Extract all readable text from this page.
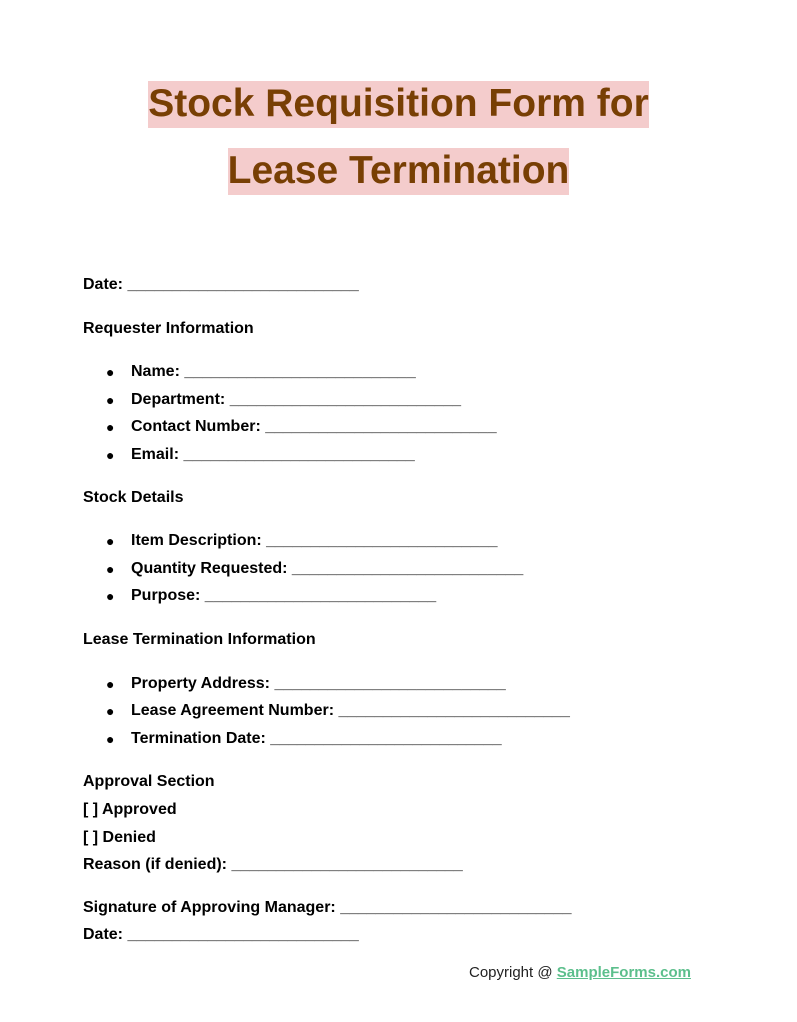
Stock Requisition Form for
Lease Termination
Date: __________________________
Requester Information
● Name: __________________________
● Department: __________________________
● Contact Number: __________________________
● Email: __________________________
Stock Details
● Item Description: __________________________
● Quantity Requested: __________________________
● Purpose: __________________________
Lease Termination Information
● Property Address: __________________________
● Lease Agreement Number: __________________________
● Termination Date: __________________________
Approval Section
[ ] Approved
[ ] Denied
Reason (if denied): __________________________
Signature of Approving Manager: __________________________
Date: __________________________
Copyright @ SampleForms.com
